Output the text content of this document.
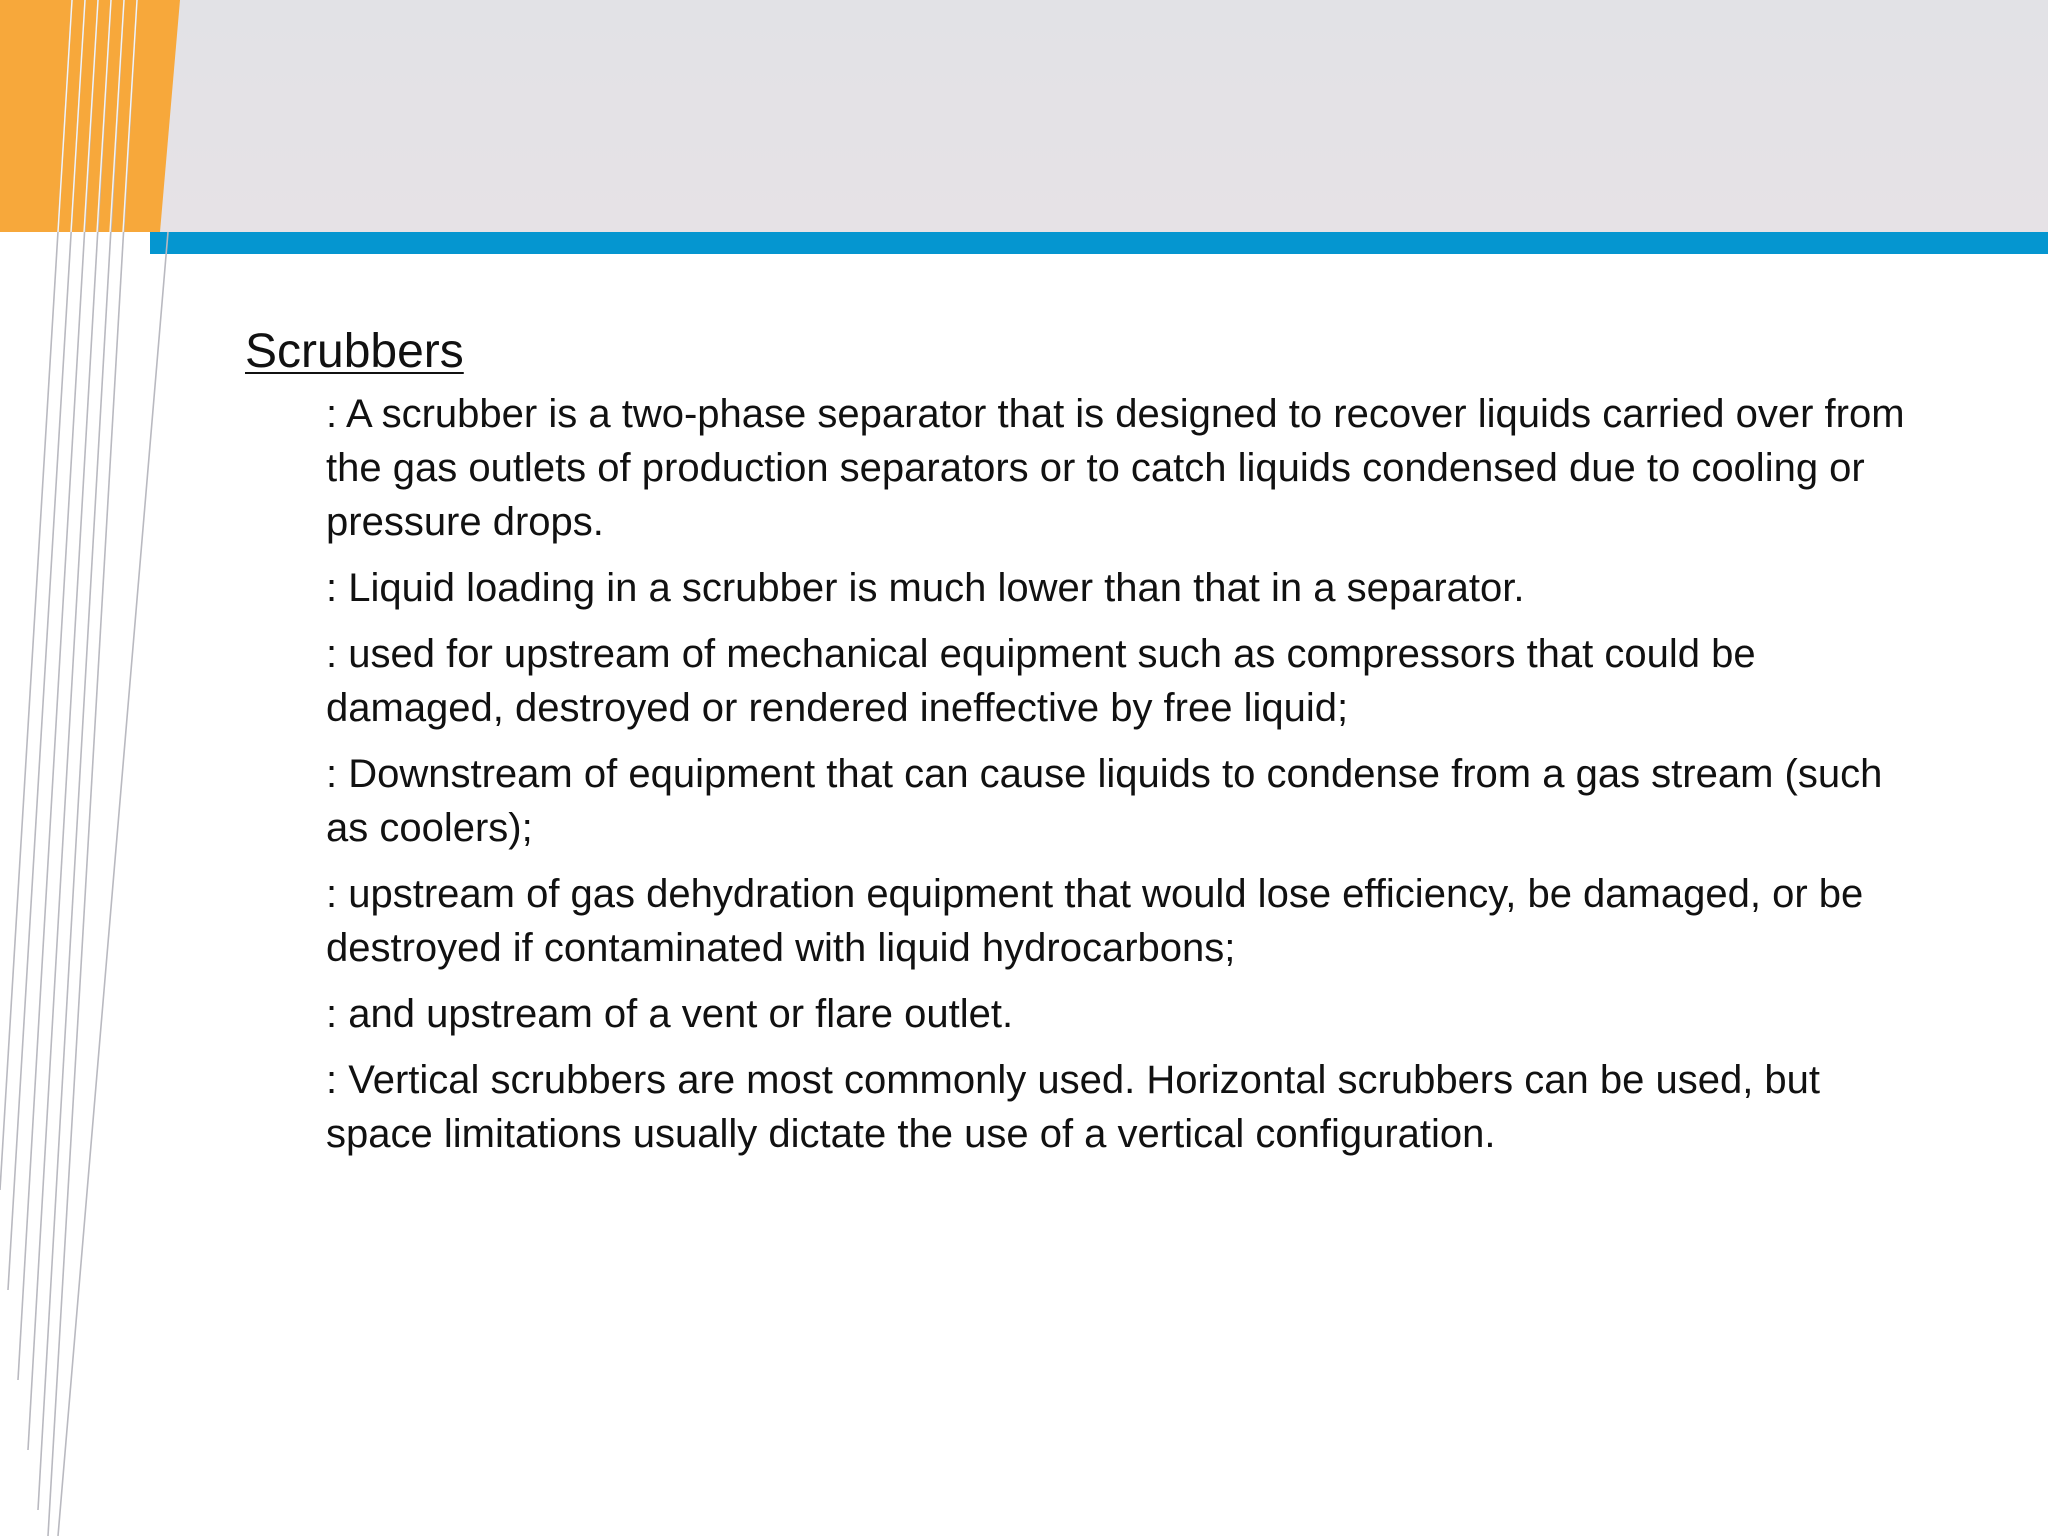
Scrubbers
: A scrubber is a two-phase separator that is designed to recover liquids carried over from the gas outlets of production separators or to catch liquids condensed due to cooling or pressure drops.
: Liquid loading in a scrubber is much lower than that in a separator.
: used for upstream of mechanical equipment such as compressors that could be damaged, destroyed or rendered ineffective by free liquid;
: Downstream of equipment that can cause liquids to condense from a gas stream (such as coolers);
: upstream of gas dehydration equipment that would lose efficiency, be damaged, or be destroyed if contaminated with liquid hydrocarbons;
: and upstream of a vent or flare outlet.
: Vertical scrubbers are most commonly used. Horizontal scrubbers can be used, but space limitations usually dictate the use of a vertical configuration.
